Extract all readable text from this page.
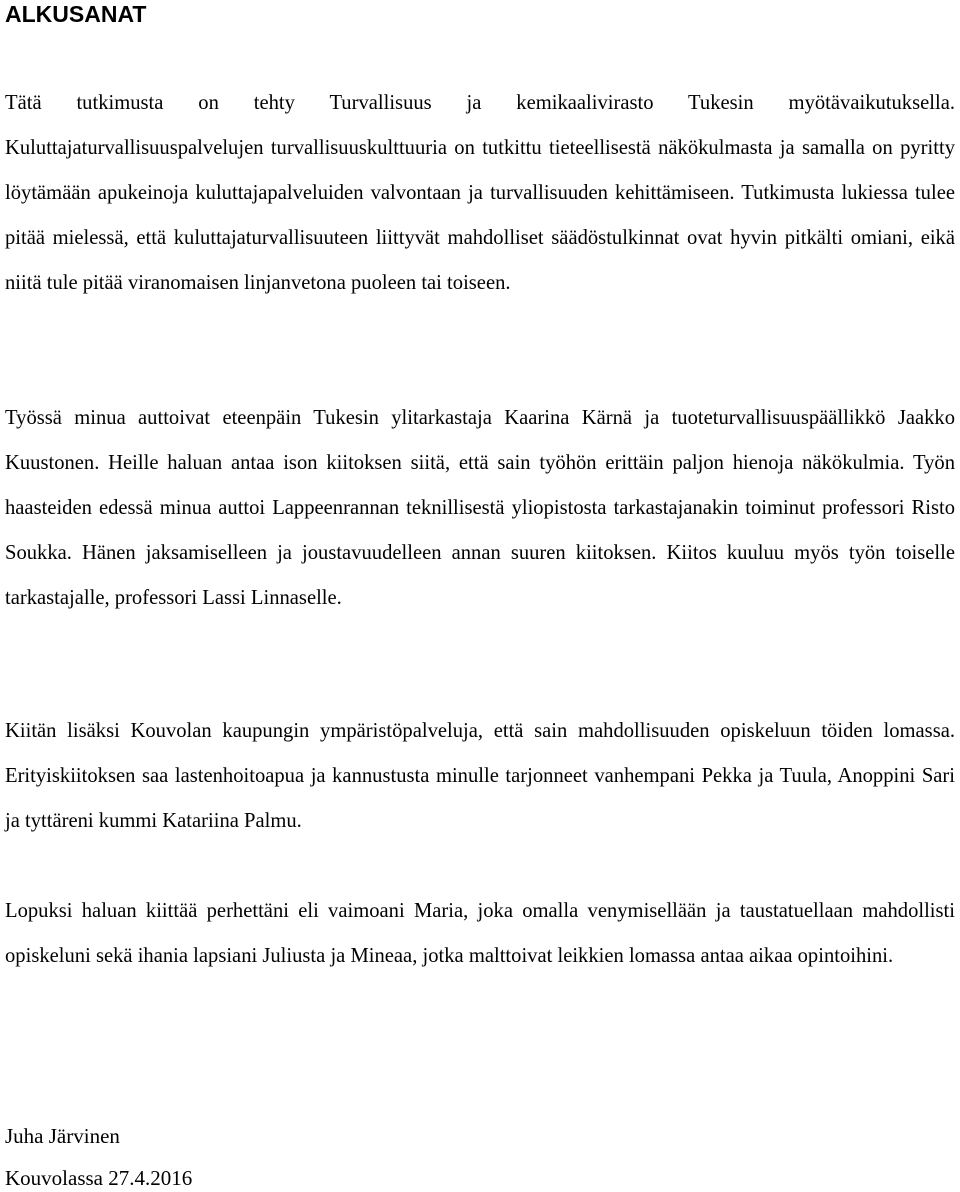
ALKUSANAT

Tätä tutkimusta on tehty Turvallisuus ja kemikaalivirasto Tukesin myötävaikutuksella. Kuluttajaturvallisuuspalvelujen turvallisuuskulttuuria on tutkittu tieteellisestä näkökulmasta ja samalla on pyritty löytämään apukeinoja kuluttajapalveluiden valvontaan ja turvallisuuden kehittämiseen. Tutkimusta lukiessa tulee pitää mielessä, että kuluttajaturvallisuuteen liittyvät mahdolliset säädöstulkinnat ovat hyvin pitkälti omiani, eikä niitä tule pitää viranomaisen linjanvetona puoleen tai toiseen.

Työssä minua auttoivat eteenpäin Tukesin ylitarkastaja Kaarina Kärnä ja tuoteturvallisuuspäällikkö Jaakko Kuustonen. Heille haluan antaa ison kiitoksen siitä, että sain työhön erittäin paljon hienoja näkökulmia. Työn haasteiden edessä minua auttoi Lappeenrannan teknillisestä yliopistosta tarkastajanakin toiminut professori Risto Soukka. Hänen jaksamiselleen ja joustavuudelleen annan suuren kiitoksen. Kiitos kuuluu myös työn toiselle tarkastajalle, professori Lassi Linnaselle.

Kiitän lisäksi Kouvolan kaupungin ympäristöpalveluja, että sain mahdollisuuden opiskeluun töiden lomassa. Erityiskiitoksen saa lastenhoitoapua ja kannustusta minulle tarjonneet vanhempani Pekka ja Tuula, Anoppini Sari ja tyttäreni kummi Katariina Palmu.

Lopuksi haluan kiittää perhettäni eli vaimoani Maria, joka omalla venymisellään ja taustatuellaan mahdollisti opiskeluni sekä ihania lapsiani Juliusta ja Mineaa, jotka malttoivat leikkien lomassa antaa aikaa opintoihini.

Juha Järvinen

Kouvolassa 27.4.2016
